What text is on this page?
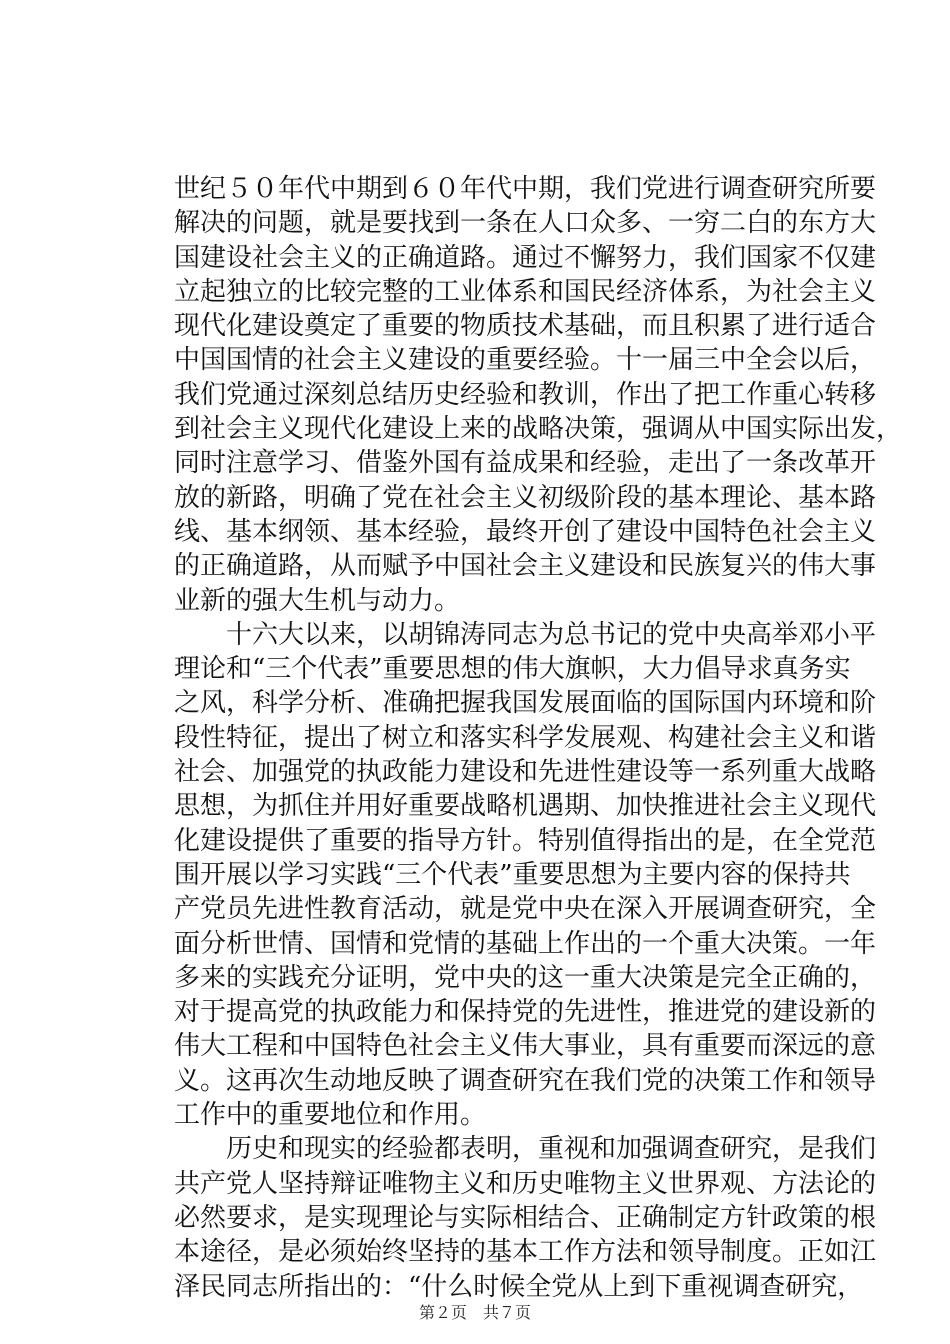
世纪５０年代中期到６０年代中期，我们党进行调查研究所要
解决的问题，就是要找到一条在人口众多、一穷二白的东方大
国建设社会主义的正确道路。通过不懈努力，我们国家不仅建
立起独立的比较完整的工业体系和国民经济体系，为社会主义
现代化建设奠定了重要的物质技术基础，而且积累了进行适合
中国国情的社会主义建设的重要经验。十一届三中全会以后，
我们党通过深刻总结历史经验和教训，作出了把工作重心转移
到社会主义现代化建设上来的战略决策，强调从中国实际出发，
同时注意学习、借鉴外国有益成果和经验，走出了一条改革开
放的新路，明确了党在社会主义初级阶段的基本理论、基本路
线、基本纲领、基本经验，最终开创了建设中国特色社会主义
的正确道路，从而赋予中国社会主义建设和民族复兴的伟大事
业新的强大生机与动力。
　　十六大以来，以胡锦涛同志为总书记的党中央高举邓小平
理论和“三个代表”重要思想的伟大旗帜，大力倡导求真务实
之风，科学分析、准确把握我国发展面临的国际国内环境和阶
段性特征，提出了树立和落实科学发展观、构建社会主义和谐
社会、加强党的执政能力建设和先进性建设等一系列重大战略
思想，为抓住并用好重要战略机遇期、加快推进社会主义现代
化建设提供了重要的指导方针。特别值得指出的是，在全党范
围开展以学习实践“三个代表”重要思想为主要内容的保持共
产党员先进性教育活动，就是党中央在深入开展调查研究，全
面分析世情、国情和党情的基础上作出的一个重大决策。一年
多来的实践充分证明，党中央的这一重大决策是完全正确的，
对于提高党的执政能力和保持党的先进性，推进党的建设新的
伟大工程和中国特色社会主义伟大事业，具有重要而深远的意
义。这再次生动地反映了调查研究在我们党的决策工作和领导
工作中的重要地位和作用。
　　历史和现实的经验都表明，重视和加强调查研究，是我们
共产党人坚持辩证唯物主义和历史唯物主义世界观、方法论的
必然要求，是实现理论与实际相结合、正确制定方针政策的根
本途径，是必须始终坚持的基本工作方法和领导制度。正如江
泽民同志所指出的：“什么时候全党从上到下重视调查研究，
第２页　共７页
